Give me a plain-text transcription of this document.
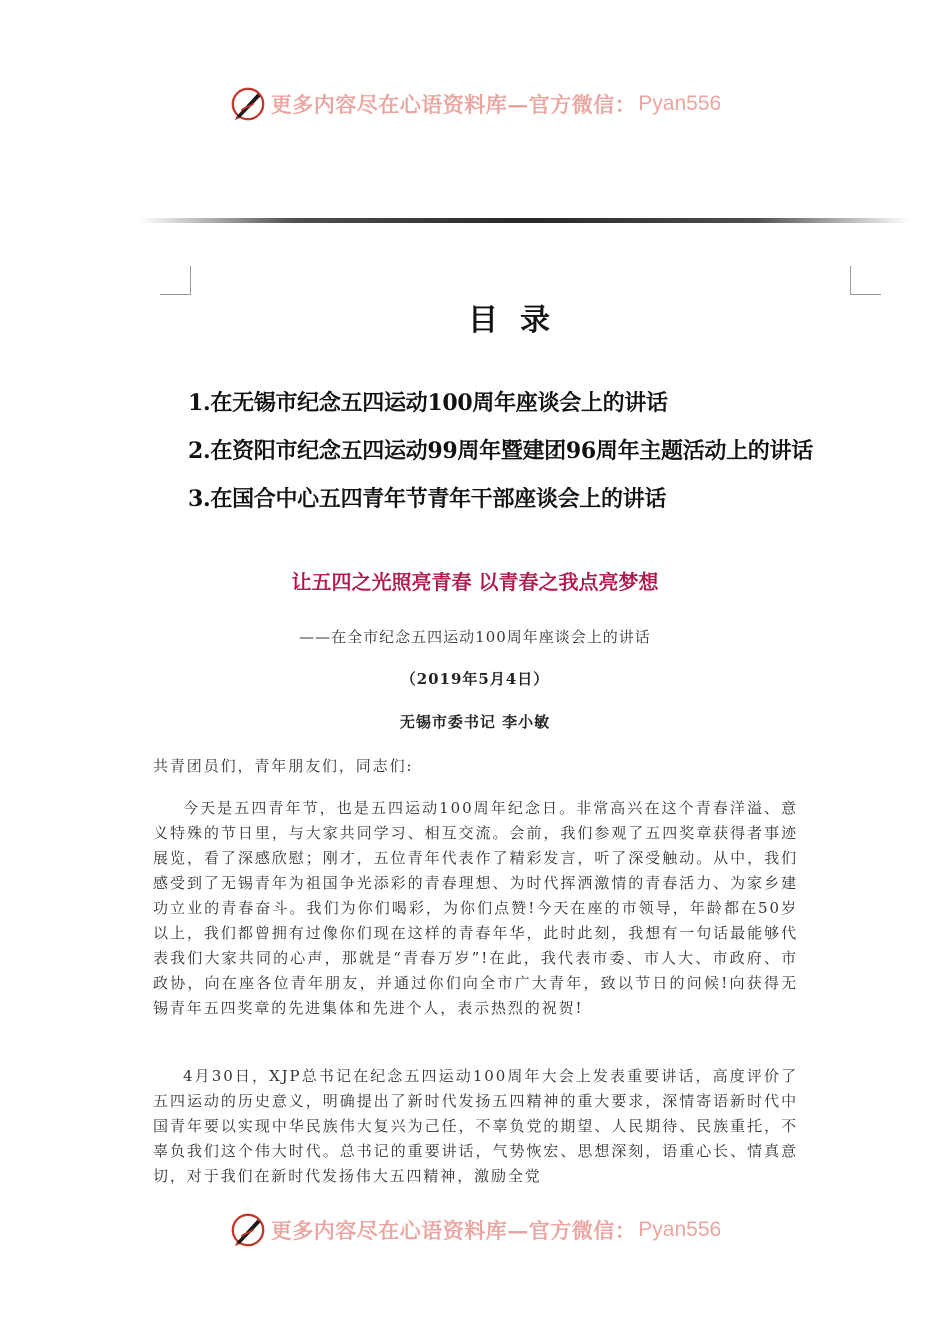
更多内容尽在心语资料库—官方微信： Pyan556
目录
1.在无锡市纪念五四运动100周年座谈会上的讲话
2.在资阳市纪念五四运动99周年暨建团96周年主题活动上的讲话
3.在国合中心五四青年节青年干部座谈会上的讲话
让五四之光照亮青春 以青春之我点亮梦想
——在全市纪念五四运动100周年座谈会上的讲话
（2019年5月4日）
无锡市委书记 李小敏
共青团员们，青年朋友们，同志们:
今天是五四青年节，也是五四运动100周年纪念日。非常高兴在这个青春洋溢、意义特殊的节日里，与大家共同学习、相互交流。会前，我们参观了五四奖章获得者事迹展览，看了深感欣慰；刚才，五位青年代表作了精彩发言，听了深受触动。从中，我们感受到了无锡青年为祖国争光添彩的青春理想、为时代挥洒激情的青春活力、为家乡建功立业的青春奋斗。我们为你们喝彩，为你们点赞!今天在座的市领导，年龄都在50岁以上，我们都曾拥有过像你们现在这样的青春年华，此时此刻，我想有一句话最能够代表我们大家共同的心声，那就是“青春万岁”!在此，我代表市委、市人大、市政府、市政协，向在座各位青年朋友，并通过你们向全市广大青年，致以节日的问候!向获得无锡青年五四奖章的先进集体和先进个人，表示热烈的祝贺!
4月30日，XJP总书记在纪念五四运动100周年大会上发表重要讲话，高度评价了五四运动的历史意义，明确提出了新时代发扬五四精神的重大要求，深情寄语新时代中国青年要以实现中华民族伟大复兴为己任，不辜负党的期望、人民期待、民族重托，不辜负我们这个伟大时代。总书记的重要讲话，气势恢宏、思想深刻，语重心长、情真意切，对于我们在新时代发扬伟大五四精神，激励全党
更多内容尽在心语资料库—官方微信： Pyan556
